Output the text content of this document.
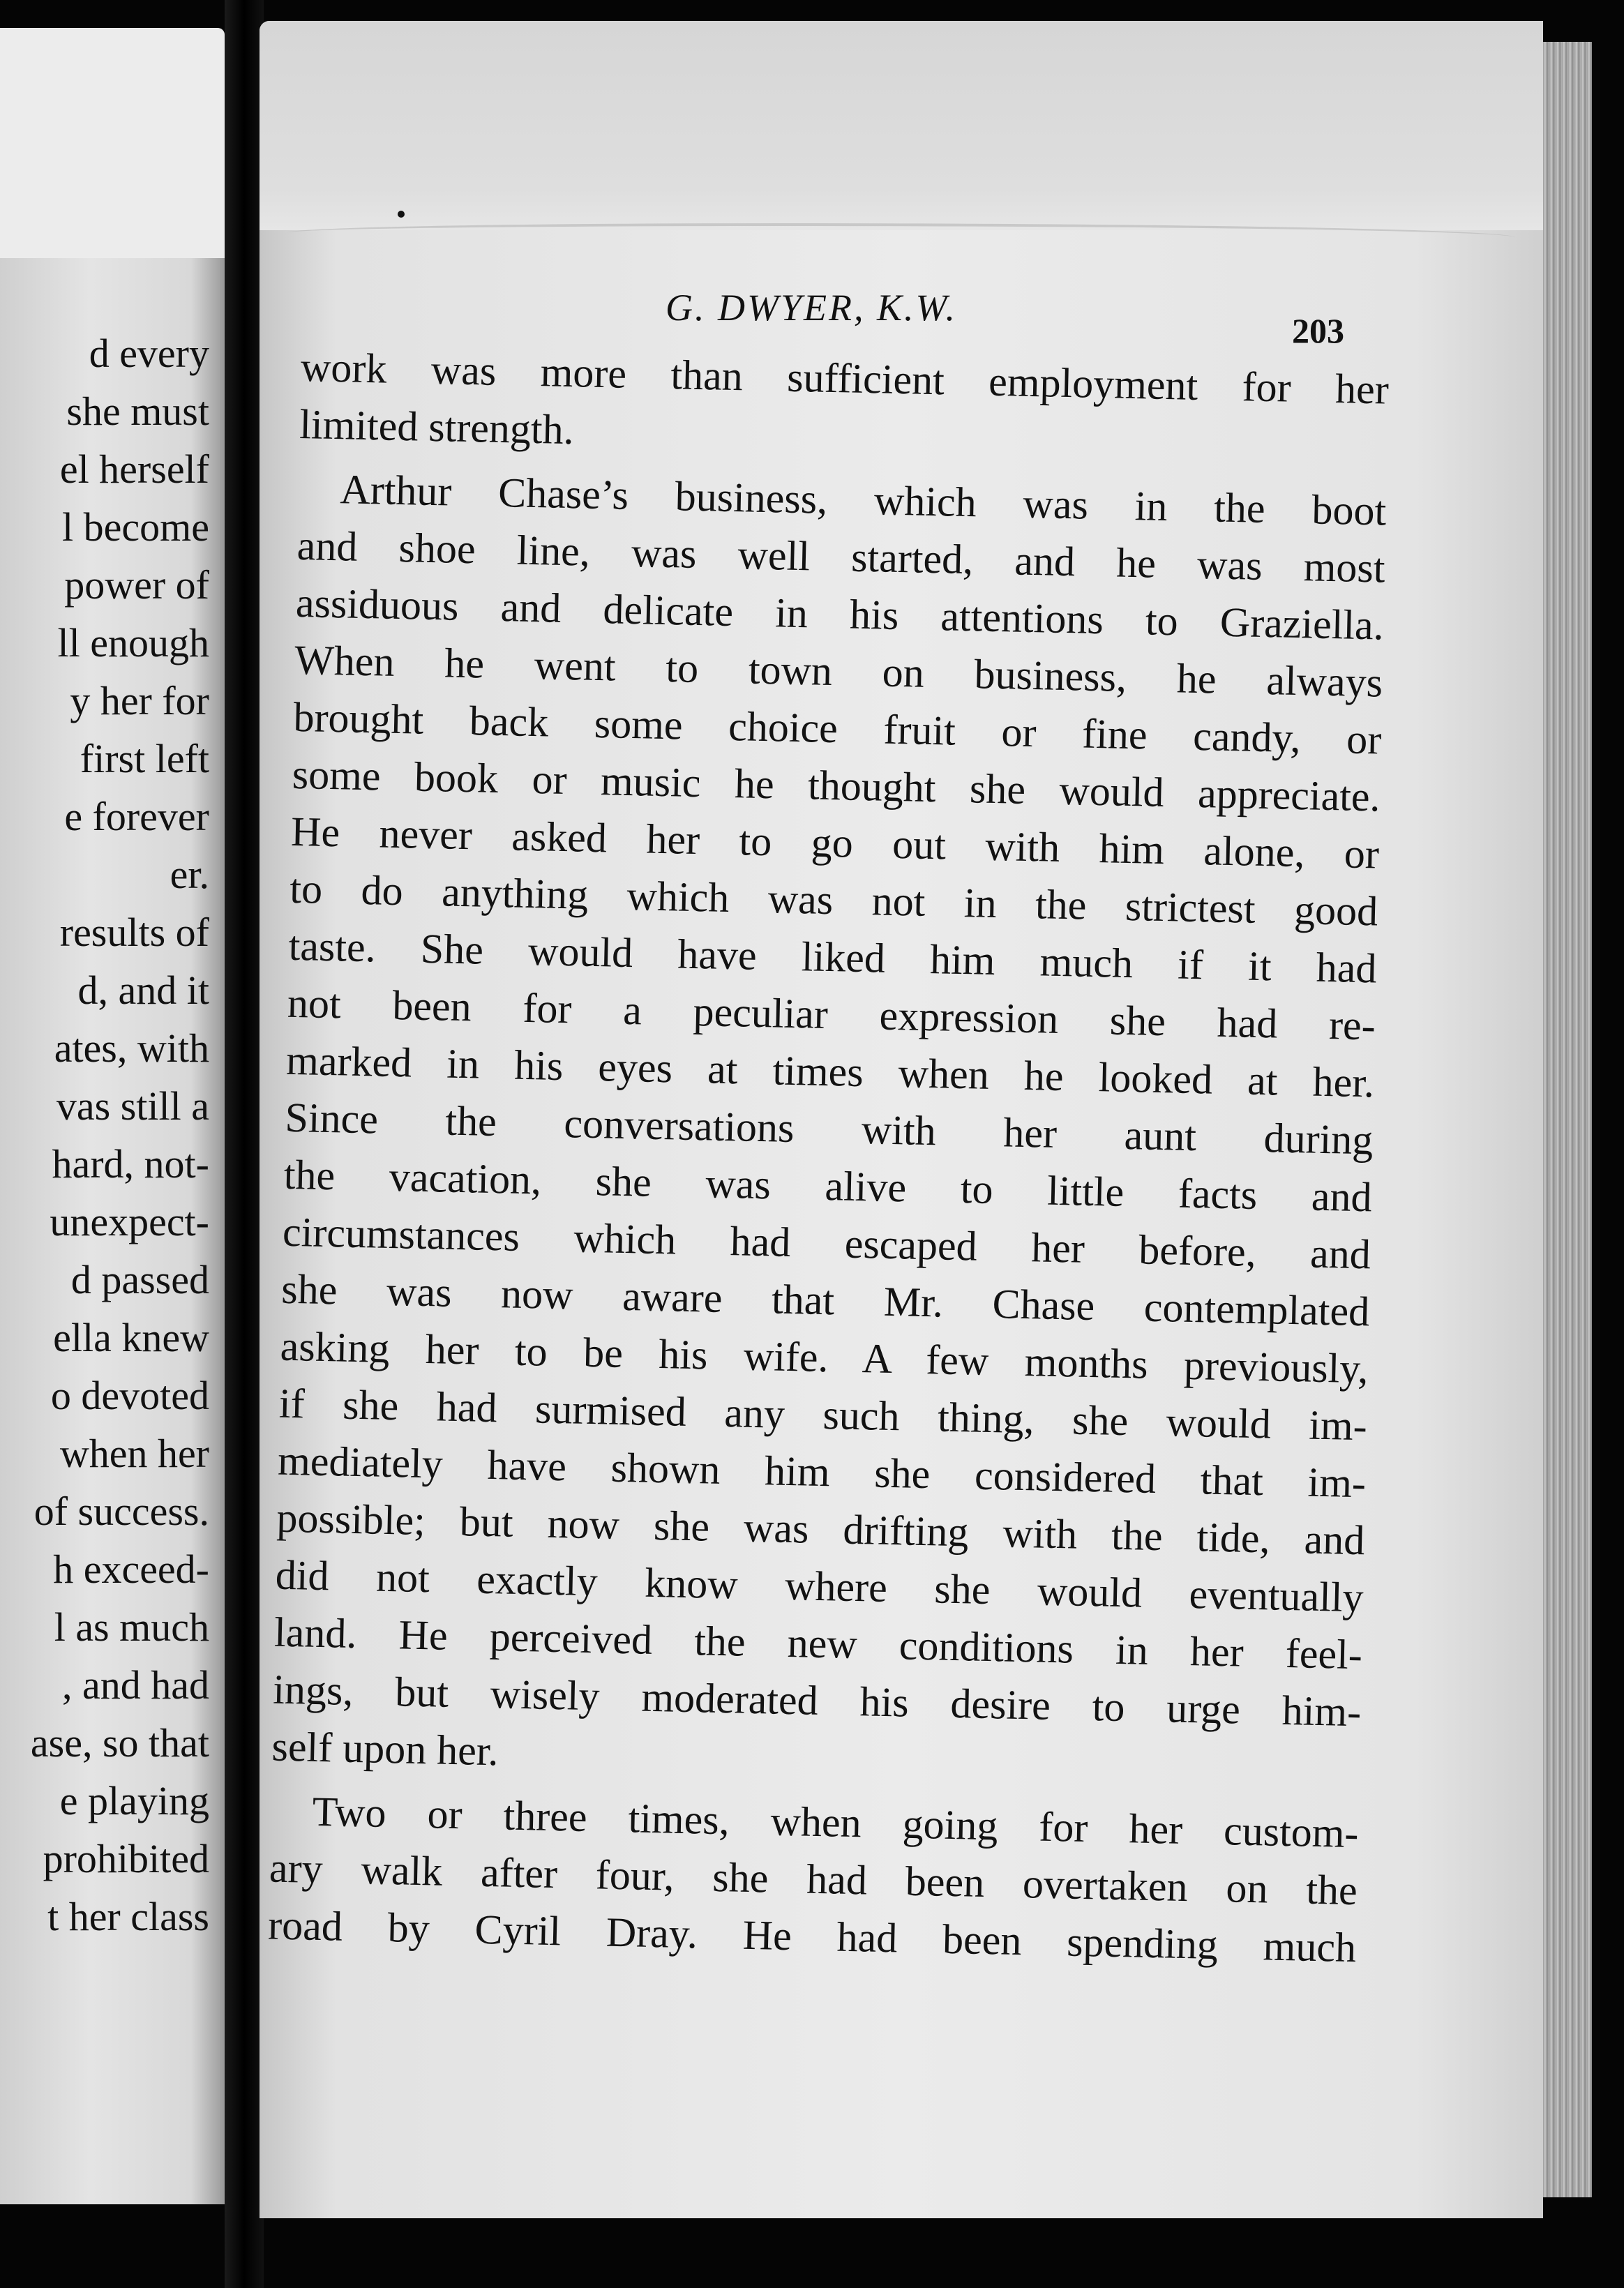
d every
she must
el herself
l become
power of
ll enough
y her for
first left
e forever
er.
results of
d, and it
ates, with
vas still a
hard, not-
unexpect-
d passed
ella knew
o devoted
when her
of success.
h exceed-
l as much
, and had
ase, so that
e playing
prohibited
t her class
G. DWYER, K.W.
203
work was more than sufficient employment for her
limited strength.
Arthur Chase’s business, which was in the boot
and shoe line, was well started, and he was most
assiduous and delicate in his attentions to Graziella.
When he went to town on business, he always
brought back some choice fruit or fine candy, or
some book or music he thought she would appreciate.
He never asked her to go out with him alone, or
to do anything which was not in the strictest good
taste. She would have liked him much if it had
not been for a peculiar expression she had re-
marked in his eyes at times when he looked at her.
Since the conversations with her aunt during
the vacation, she was alive to little facts and
circumstances which had escaped her before, and
she was now aware that Mr. Chase contemplated
asking her to be his wife. A few months previously,
if she had surmised any such thing, she would im-
mediately have shown him she considered that im-
possible; but now she was drifting with the tide, and
did not exactly know where she would eventually
land. He perceived the new conditions in her feel-
ings, but wisely moderated his desire to urge him-
self upon her.
Two or three times, when going for her custom-
ary walk after four, she had been overtaken on the
road by Cyril Dray. He had been spending much
